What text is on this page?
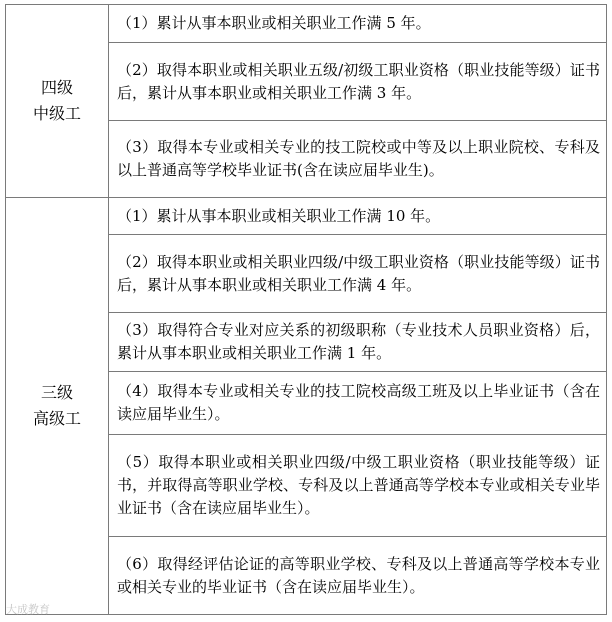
四级
中级工	（1）累计从事本职业或相关职业工作满 5 年。
	（2）取得本职业或相关职业五级/初级工职业资格（职业技能等级）证书后，累计从事本职业或相关职业工作满 3 年。
	（3）取得本专业或相关专业的技工院校或中等及以上职业院校、专科及以上普通高等学校毕业证书(含在读应届毕业生)。

三级
高级工	（1）累计从事本职业或相关职业工作满 10 年。
	（2）取得本职业或相关职业四级/中级工职业资格（职业技能等级）证书后，累计从事本职业或相关职业工作满 4 年。
	（3）取得符合专业对应关系的初级职称（专业技术人员职业资格）后，累计从事本职业或相关职业工作满 1 年。
	（4）取得本专业或相关专业的技工院校高级工班及以上毕业证书（含在读应届毕业生）。
	（5）取得本职业或相关职业四级/中级工职业资格（职业技能等级）证书，并取得高等职业学校、专科及以上普通高等学校本专业或相关专业毕业证书（含在读应届毕业生）。
	（6）取得经评估论证的高等职业学校、专科及以上普通高等学校本专业或相关专业的毕业证书（含在读应届毕业生）。
大成教育
